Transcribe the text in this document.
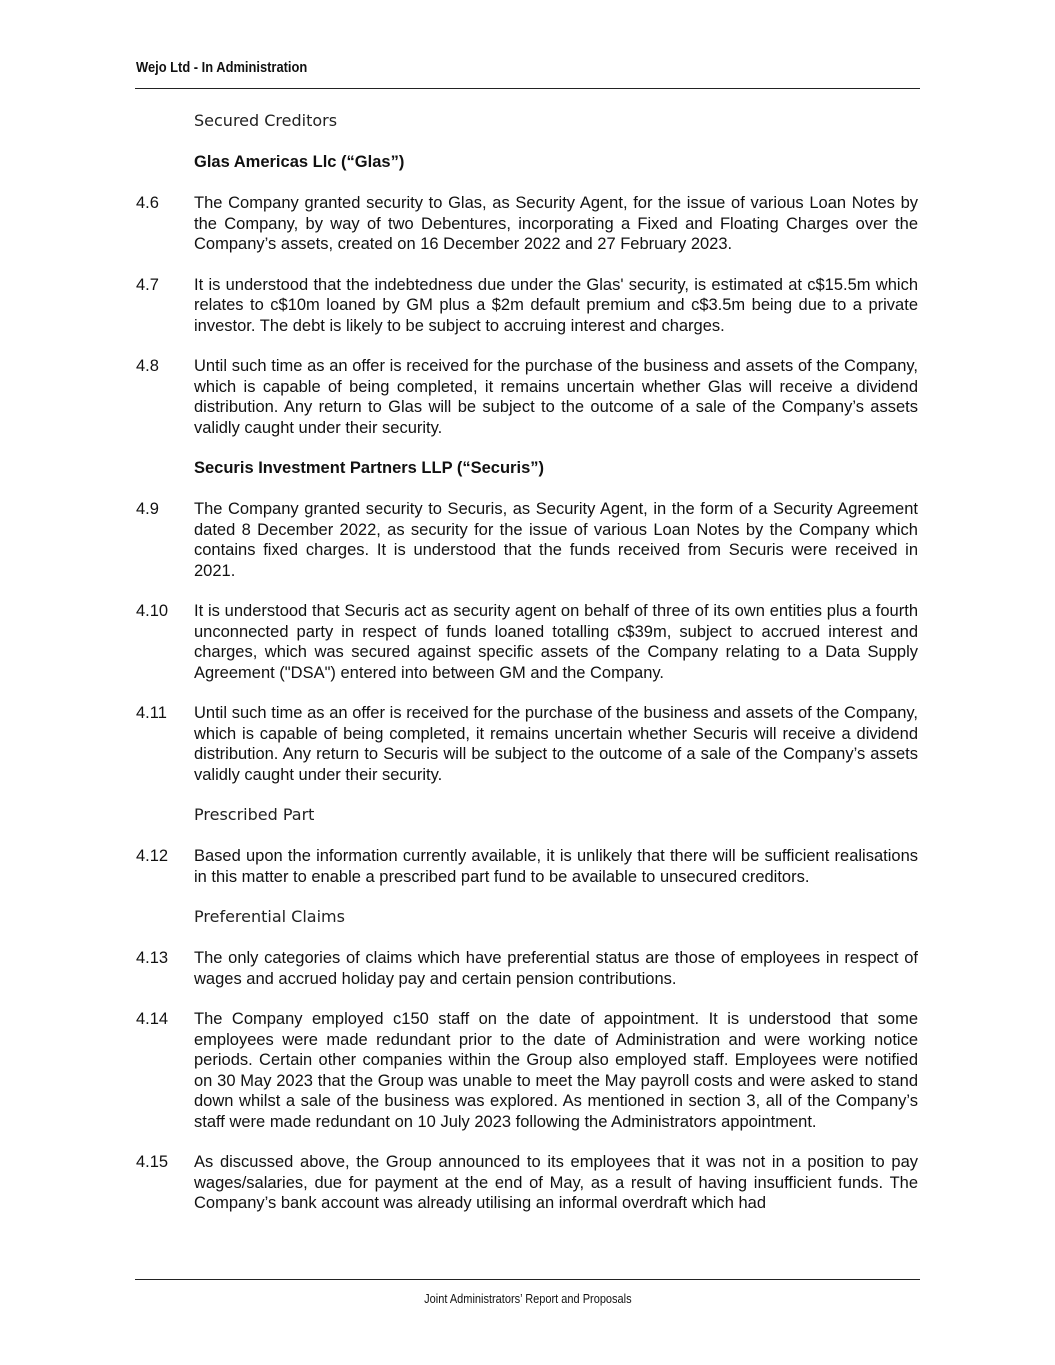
Wejo Ltd - In Administration
Secured Creditors
Glas Americas Llc (“Glas”)
4.6	The Company granted security to Glas, as Security Agent, for the issue of various Loan Notes by the Company, by way of two Debentures, incorporating a Fixed and Floating Charges over the Company’s assets, created on 16 December 2022 and 27 February 2023.
4.7	It is understood that the indebtedness due under the Glas' security, is estimated at c$15.5m which relates to c$10m loaned by GM plus a $2m default premium and c$3.5m being due to a private investor. The debt is likely to be subject to accruing interest and charges.
4.8	Until such time as an offer is received for the purchase of the business and assets of the Company, which is capable of being completed, it remains uncertain whether Glas will receive a dividend distribution. Any return to Glas will be subject to the outcome of a sale of the Company’s assets validly caught under their security.
Securis Investment Partners LLP (“Securis”)
4.9	The Company granted security to Securis, as Security Agent, in the form of a Security Agreement dated 8 December 2022, as security for the issue of various Loan Notes by the Company which contains fixed charges. It is understood that the funds received from Securis were received in 2021.
4.10	It is understood that Securis act as security agent on behalf of three of its own entities plus a fourth unconnected party in respect of funds loaned totalling c$39m, subject to accrued interest and charges, which was secured against specific assets of the Company relating to a Data Supply Agreement ("DSA") entered into between GM and the Company.
4.11	Until such time as an offer is received for the purchase of the business and assets of the Company, which is capable of being completed, it remains uncertain whether Securis will receive a dividend distribution. Any return to Securis will be subject to the outcome of a sale of the Company’s assets validly caught under their security.
Prescribed Part
4.12	Based upon the information currently available, it is unlikely that there will be sufficient realisations in this matter to enable a prescribed part fund to be available to unsecured creditors.
Preferential Claims
4.13	The only categories of claims which have preferential status are those of employees in respect of wages and accrued holiday pay and certain pension contributions.
4.14	The Company employed c150 staff on the date of appointment. It is understood that some employees were made redundant prior to the date of Administration and were working notice periods. Certain other companies within the Group also employed staff. Employees were notified on 30 May 2023 that the Group was unable to meet the May payroll costs and were asked to stand down whilst a sale of the business was explored. As mentioned in section 3, all of the Company’s staff were made redundant on 10 July 2023 following the Administrators appointment.
4.15	As discussed above, the Group announced to its employees that it was not in a position to pay wages/salaries, due for payment at the end of May, as a result of having insufficient funds. The Company’s bank account was already utilising an informal overdraft which had
Joint Administrators’ Report and Proposals
